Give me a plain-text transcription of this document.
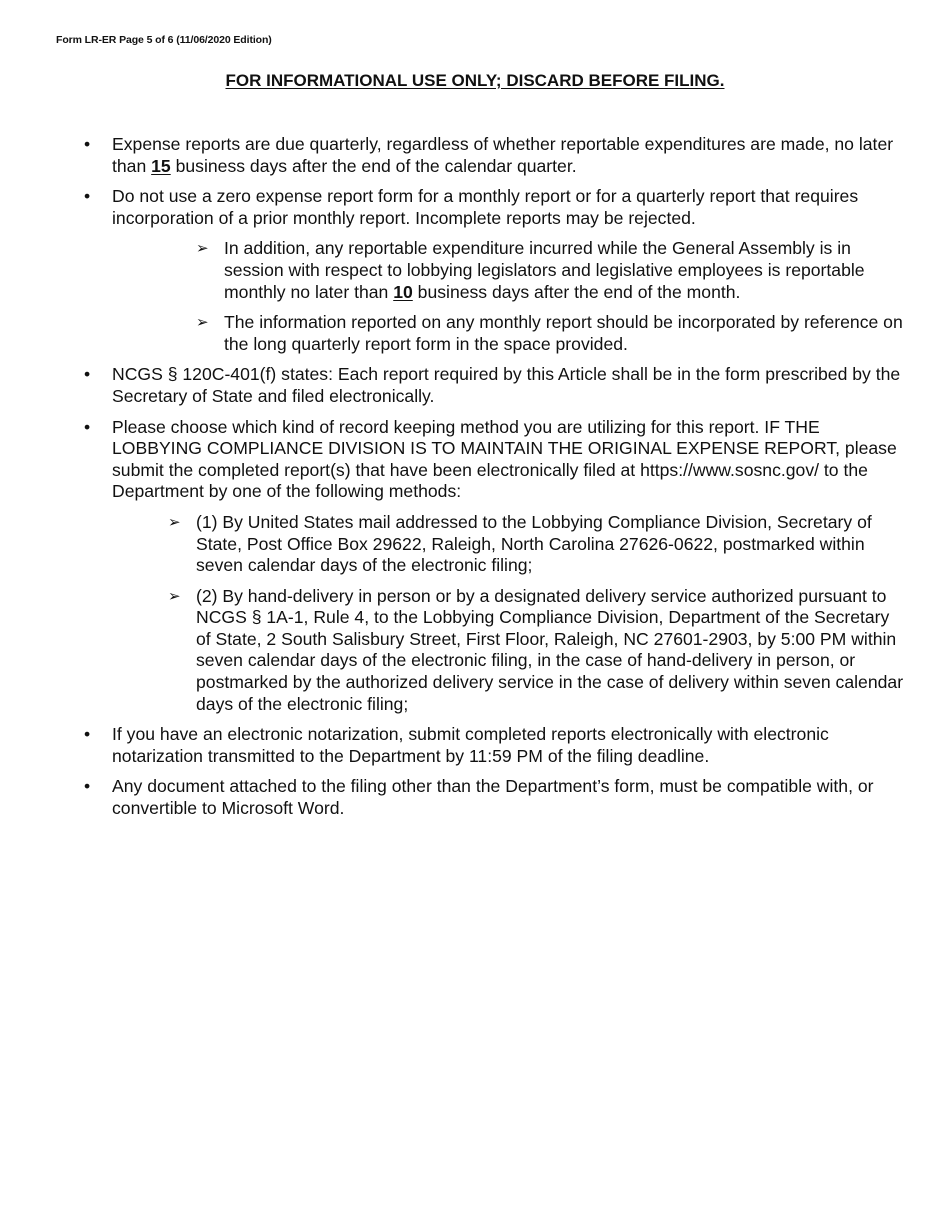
Form LR-ER Page 5 of 6 (11/06/2020 Edition)
FOR INFORMATIONAL USE ONLY; DISCARD BEFORE FILING.
•	Expense reports are due quarterly, regardless of whether reportable expenditures are made, no later than 15 business days after the end of the calendar quarter.
•	Do not use a zero expense report form for a monthly report or for a quarterly report that requires incorporation of a prior monthly report. Incomplete reports may be rejected.
➢ In addition, any reportable expenditure incurred while the General Assembly is in session with respect to lobbying legislators and legislative employees is reportable monthly no later than 10 business days after the end of the month.
➢ The information reported on any monthly report should be incorporated by reference on the long quarterly report form in the space provided.
•	NCGS § 120C-401(f) states: Each report required by this Article shall be in the form prescribed by the Secretary of State and filed electronically.
•	Please choose which kind of record keeping method you are utilizing for this report. IF THE LOBBYING COMPLIANCE DIVISION IS TO MAINTAIN THE ORIGINAL EXPENSE REPORT, please submit the completed report(s) that have been electronically filed at https://www.sosnc.gov/ to the Department by one of the following methods:
➢ (1) By United States mail addressed to the Lobbying Compliance Division, Secretary of State, Post Office Box 29622, Raleigh, North Carolina 27626-0622, postmarked within seven calendar days of the electronic filing;
➢ (2) By hand-delivery in person or by a designated delivery service authorized pursuant to NCGS § 1A-1, Rule 4, to the Lobbying Compliance Division, Department of the Secretary of State, 2 South Salisbury Street, First Floor, Raleigh, NC 27601-2903, by 5:00 PM within seven calendar days of the electronic filing, in the case of hand-delivery in person, or postmarked by the authorized delivery service in the case of delivery within seven calendar days of the electronic filing;
•	If you have an electronic notarization, submit completed reports electronically with electronic notarization transmitted to the Department by 11:59 PM of the filing deadline.
•	Any document attached to the filing other than the Department’s form, must be compatible with, or convertible to Microsoft Word.
